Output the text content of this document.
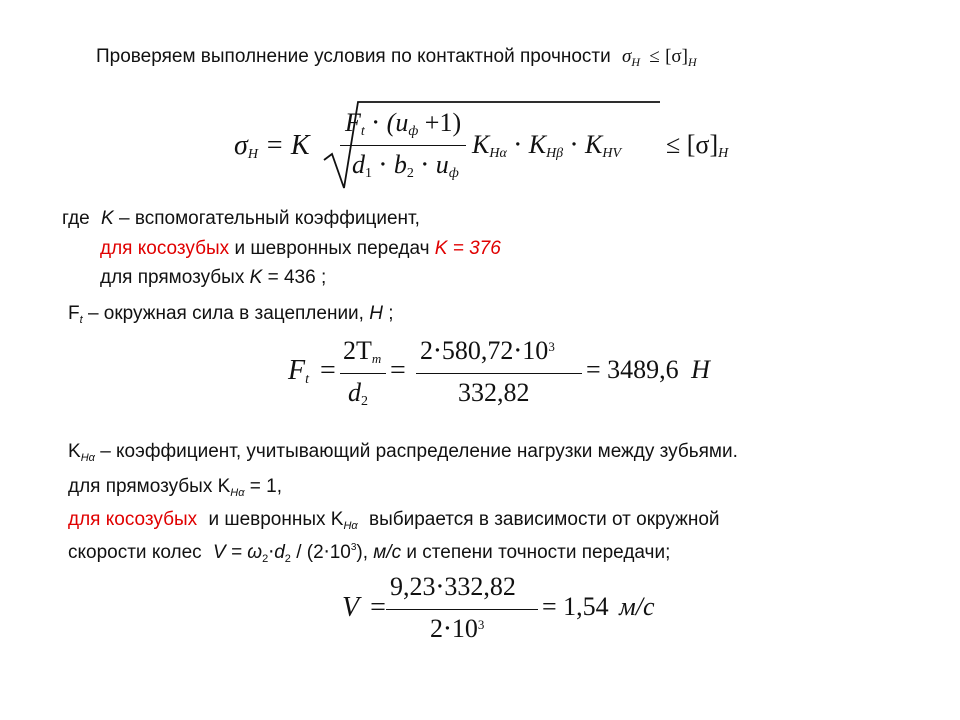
Проверяем выполнение условия по контактной прочности $\sigma_H \le [\sigma]_H$
$\sigma_H = K$
$F_t \cdot (u_ф +1)$
$d_1 \cdot b_2 \cdot u_ф$
$K_{H\alpha} \cdot K_{H\beta} \cdot K_{HV} \le [\sigma]_H$
где K – вспомогательный коэффициент,
для косозубых и шевронных передач K = 376
для прямозубых K = 436 ;
$F_t$ – окружная сила в зацеплении, Н ;
$F_t$ =
$2T_m$
$d_2$
=
$2\cdot 580,72\cdot 10^3$
332,82
= 3489,6 H
$K_{H\alpha}$ – коэффициент, учитывающий распределение нагрузки между зубьями.
для прямозубых $K_{H\alpha} = 1$,
для косозубых и шевронных $K_{H\alpha}$ выбирается в зависимости от окружной
скорости колес $V = \omega_2\cdot d_2 / (2\cdot 10^3)$, м/с и степени точности передачи;
V =
9,23⋅332,82
$2\cdot 10^3$
= 1,54 м/с
